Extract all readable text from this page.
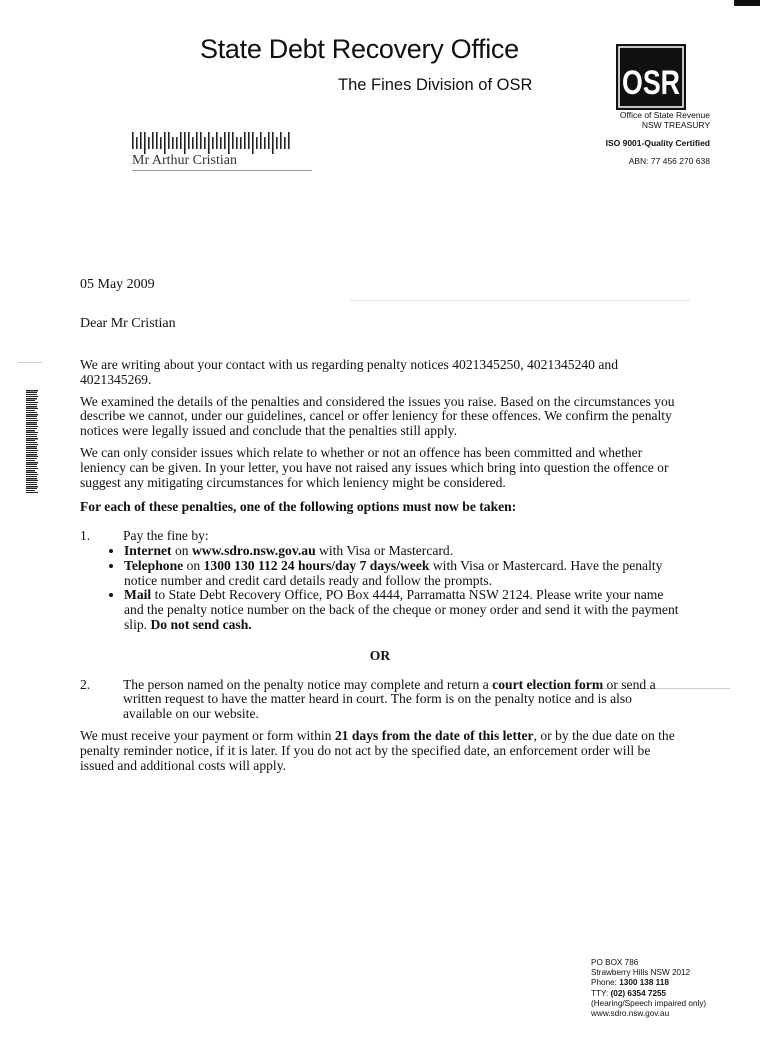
State Debt Recovery Office
The Fines Division of OSR	OSR
Office of State Revenue
NSW TREASURY
ISO 9001-Quality Certified
ABN: 77 456 270 638
Mr Arthur Cristian
05 May 2009
Dear Mr Cristian

We are writing about your contact with us regarding penalty notices 4021345250, 4021345240 and 4021345269.

We examined the details of the penalties and considered the issues you raise. Based on the circumstances you describe we cannot, under our guidelines, cancel or offer leniency for these offences. We confirm the penalty notices were legally issued and conclude that the penalties still apply.

We can only consider issues which relate to whether or not an offence has been committed and whether leniency can be given. In your letter, you have not raised any issues which bring into question the offence or suggest any mitigating circumstances for which leniency might be considered.

For each of these penalties, one of the following options must now be taken:

1.	Pay the fine by:
• Internet on www.sdro.nsw.gov.au with Visa or Mastercard.
• Telephone on 1300 130 112 24 hours/day 7 days/week with Visa or Mastercard. Have the penalty notice number and credit card details ready and follow the prompts.
• Mail to State Debt Recovery Office, PO Box 4444, Parramatta NSW 2124. Please write your name and the penalty notice number on the back of the cheque or money order and send it with the payment slip. Do not send cash.
OR
2.	The person named on the penalty notice may complete and return a court election form or send a written request to have the matter heard in court. The form is on the penalty notice and is also available on our website.

We must receive your payment or form within 21 days from the date of this letter, or by the due date on the penalty reminder notice, if it is later. If you do not act by the specified date, an enforcement order will be issued and additional costs will apply.

PO BOX 786
Strawberry Hills NSW 2012
Phone: 1300 138 118
TTY: (02) 6354 7255
(Hearing/Speech impaired only)
www.sdro.nsw.gov.au
